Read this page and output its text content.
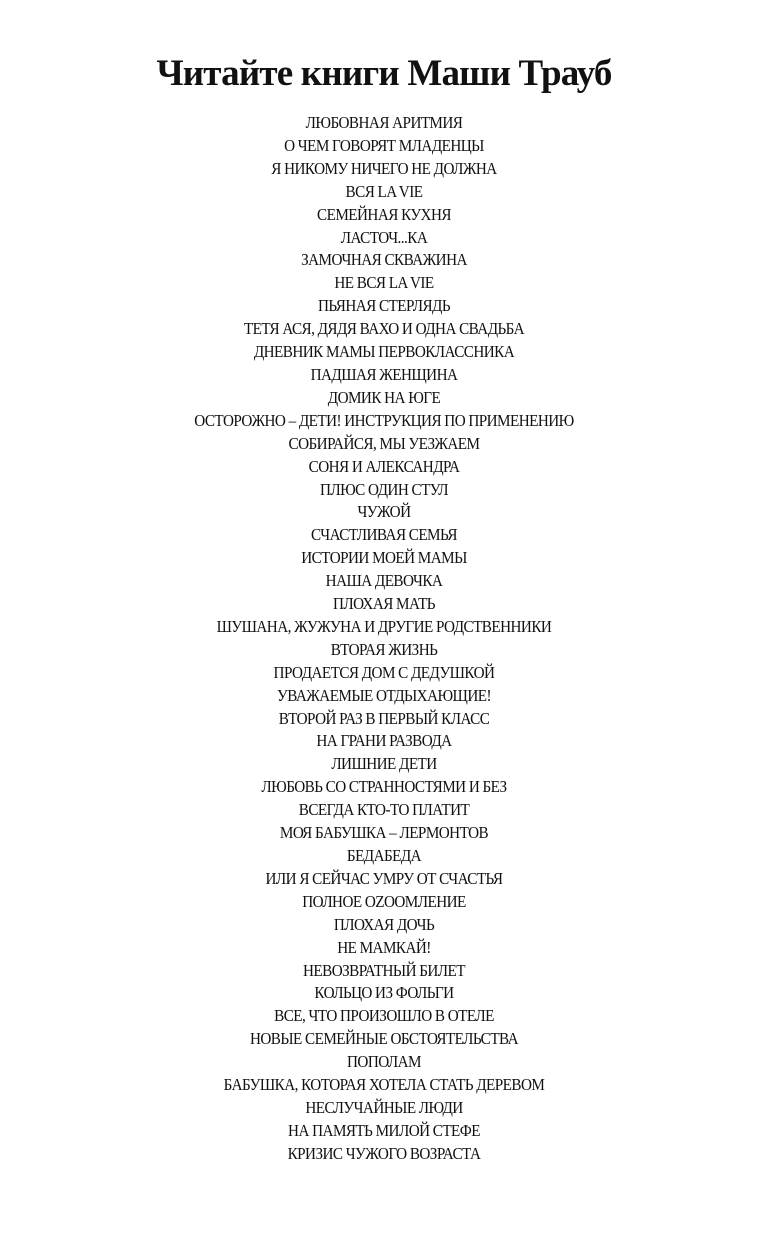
Читайте книги Маши Трауб
ЛЮБОВНАЯ АРИТМИЯ
О ЧЕМ ГОВОРЯТ МЛАДЕНЦЫ
Я НИКОМУ НИЧЕГО НЕ ДОЛЖНА
ВСЯ LA VIE
СЕМЕЙНАЯ КУХНЯ
ЛАСТОЧ...КА
ЗАМОЧНАЯ СКВАЖИНА
НЕ ВСЯ LA VIE
ПЬЯНАЯ СТЕРЛЯДЬ
ТЕТЯ АСЯ, ДЯДЯ ВАХО И ОДНА СВАДЬБА
ДНЕВНИК МАМЫ ПЕРВОКЛАССНИКА
ПАДШАЯ ЖЕНЩИНА
ДОМИК НА ЮГЕ
ОСТОРОЖНО – ДЕТИ! ИНСТРУКЦИЯ ПО ПРИМЕНЕНИЮ
СОБИРАЙСЯ, МЫ УЕЗЖАЕМ
СОНЯ И АЛЕКСАНДРА
ПЛЮС ОДИН СТУЛ
ЧУЖОЙ
СЧАСТЛИВАЯ СЕМЬЯ
ИСТОРИИ МОЕЙ МАМЫ
НАША ДЕВОЧКА
ПЛОХАЯ МАТЬ
ШУШАНА, ЖУЖУНА И ДРУГИЕ РОДСТВЕННИКИ
ВТОРАЯ ЖИЗНЬ
ПРОДАЕТСЯ ДОМ С ДЕДУШКОЙ
УВАЖАЕМЫЕ ОТДЫХАЮЩИЕ!
ВТОРОЙ РАЗ В ПЕРВЫЙ КЛАСС
НА ГРАНИ РАЗВОДА
ЛИШНИЕ ДЕТИ
ЛЮБОВЬ СО СТРАННОСТЯМИ И БЕЗ
ВСЕГДА КТО-ТО ПЛАТИТ
МОЯ БАБУШКА – ЛЕРМОНТОВ
БЕДАБЕДА
ИЛИ Я СЕЙЧАС УМРУ ОТ СЧАСТЬЯ
ПОЛНОЕ OZOOМЛЕНИЕ
ПЛОХАЯ ДОЧЬ
НЕ МАМКАЙ!
НЕВОЗВРАТНЫЙ БИЛЕТ
КОЛЬЦО ИЗ ФОЛЬГИ
ВСЕ, ЧТО ПРОИЗОШЛО В ОТЕЛЕ
НОВЫЕ СЕМЕЙНЫЕ ОБСТОЯТЕЛЬСТВА
ПОПОЛАМ
БАБУШКА, КОТОРАЯ ХОТЕЛА СТАТЬ ДЕРЕВОМ
НЕСЛУЧАЙНЫЕ ЛЮДИ
НА ПАМЯТЬ МИЛОЙ СТЕФЕ
КРИЗИС ЧУЖОГО ВОЗРАСТА
